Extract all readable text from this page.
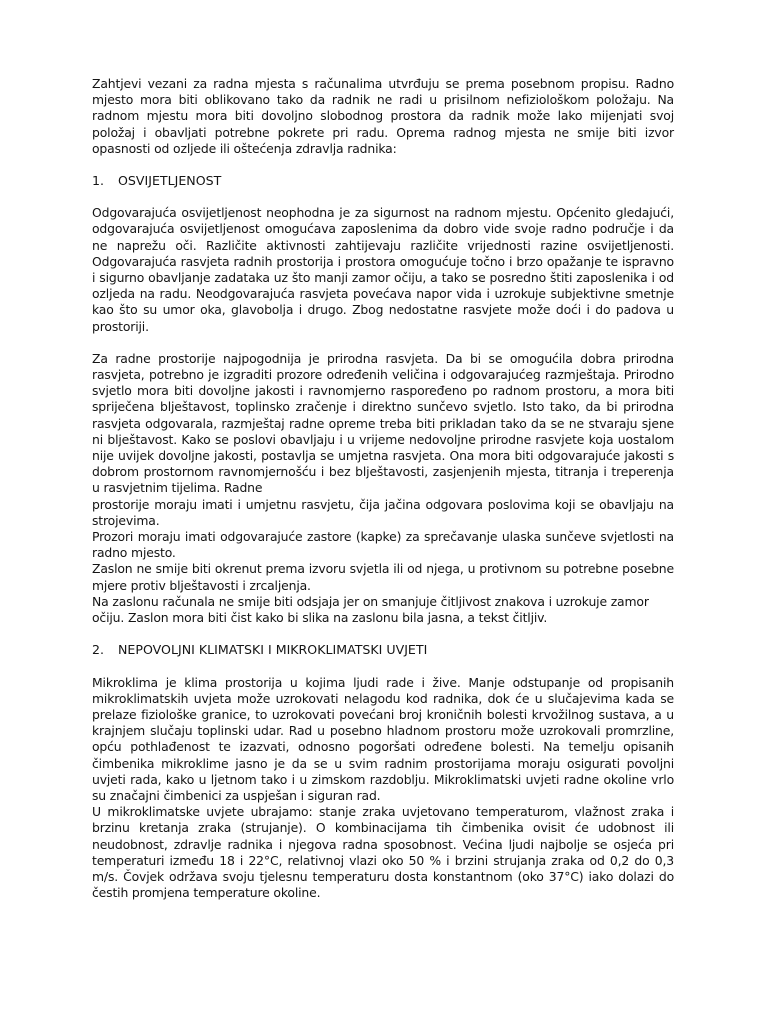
Zahtjevi vezani za radna mjesta s računalima utvrđuju se prema posebnom propisu. Radno mjesto mora biti oblikovano tako da radnik ne radi u prisilnom nefiziološkom položaju. Na radnom mjestu mora biti dovoljno slobodnog prostora da radnik može lako mijenjati svoj položaj i obavljati potrebne pokrete pri radu. Oprema radnog mjesta ne smije biti izvor opasnosti od ozljede ili oštećenja zdravlja radnika:

1.	OSVIJETLJENOST

Odgovarajuća osvijetljenost neophodna je za sigurnost na radnom mjestu. Općenito gledajući, odgovarajuća osvijetljenost omogućava zaposlenima da dobro vide svoje radno područje i da ne naprežu oči. Različite aktivnosti zahtijevaju različite vrijednosti razine osvijetljenosti. Odgovarajuća rasvjeta radnih prostorija i prostora omogućuje točno i brzo opažanje te ispravno i sigurno obavljanje zadataka uz što manji zamor očiju, a tako se posredno štiti zaposlenika i od ozljeda na radu. Neodgovarajuća rasvjeta povećava napor vida i uzrokuje subjektivne smetnje kao što su umor oka, glavobolja i drugo. Zbog nedostatne rasvjete može doći i do padova u prostoriji.

Za radne prostorije najpogodnija je prirodna rasvjeta. Da bi se omogućila dobra prirodna rasvjeta, potrebno je izgraditi prozore određenih veličina i odgovarajućeg razmještaja. Prirodno svjetlo mora biti dovoljne jakosti i ravnomjerno raspoređeno po radnom prostoru, a mora biti spriječena blještavost, toplinsko zračenje i direktno sunčevo svjetlo. Isto tako, da bi prirodna rasvjeta odgovarala, razmještaj radne opreme treba biti prikladan tako da se ne stvaraju sjene ni blještavost. Kako se poslovi obavljaju i u vrijeme nedovoljne prirodne rasvjete koja uostalom nije uvijek dovoljne jakosti, postavlja se umjetna rasvjeta. Ona mora biti odgovarajuće jakosti s dobrom prostornom ravnomjernošću i bez blještavosti, zasjenjenih mjesta, titranja i treperenja u rasvjetnim tijelima. Radne

prostorije moraju imati i umjetnu rasvjetu, čija jačina odgovara poslovima koji se obavljaju na strojevima.

Prozori moraju imati odgovarajuće zastore (kapke) za sprečavanje ulaska sunčeve svjetlosti na radno mjesto.

Zaslon ne smije biti okrenut prema izvoru svjetla ili od njega, u protivnom su potrebne posebne mjere protiv blještavosti i zrcaljenja.

Na zaslonu računala ne smije biti odsjaja jer on smanjuje čitljivost znakova i uzrokuje zamor očiju. Zaslon mora biti čist kako bi slika na zaslonu bila jasna, a tekst čitljiv.

2.	NEPOVOLJNI KLIMATSKI I MIKROKLIMATSKI UVJETI

Mikroklima je klima prostorija u kojima ljudi rade i žive. Manje odstupanje od propisanih mikroklimatskih uvjeta može uzrokovati nelagodu kod radnika, dok će u slučajevima kada se prelaze fiziološke granice, to uzrokovati povećani broj kroničnih bolesti krvožilnog sustava, a u krajnjem slučaju toplinski udar. Rad u posebno hladnom prostoru može uzrokovali promrzline, opću pothlađenost te izazvati, odnosno pogoršati određene bolesti. Na temelju opisanih čimbenika mikroklime jasno je da se u svim radnim prostorijama moraju osigurati povoljni uvjeti rada, kako u ljetnom tako i u zimskom razdoblju. Mikroklimatski uvjeti radne okoline vrlo su značajni čimbenici za uspješan i siguran rad.

U mikroklimatske uvjete ubrajamo: stanje zraka uvjetovano temperaturom, vlažnost zraka i brzinu kretanja zraka (strujanje). O kombinacijama tih čimbenika ovisit će udobnost ili neudobnost, zdravlje radnika i njegova radna sposobnost. Većina ljudi najbolje se osjeća pri temperaturi između 18 i 22°C, relativnoj vlazi oko 50 % i brzini strujanja zraka od 0,2 do 0,3 m/s. Čovjek održava svoju tjelesnu temperaturu dosta konstantnom (oko 37°C) iako dolazi do čestih promjena temperature okoline.
